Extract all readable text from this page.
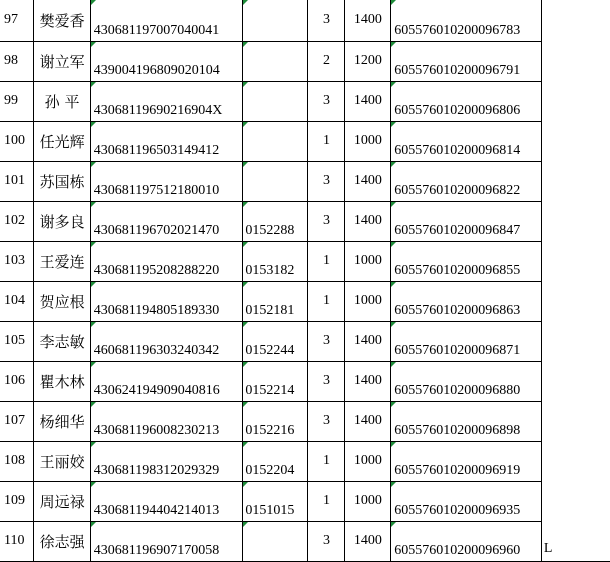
97	樊爱香	430681197007040041		3	1400	605576010200096783	
98	谢立军	439004196809020104		2	1200	605576010200096791	
99	孙 平	43068119690216904X		3	1400	605576010200096806	
100	任光辉	430681196503149412		1	1000	605576010200096814	
101	苏国栋	430681197512180010		3	1400	605576010200096822	
102	谢多良	430681196702021470	0152288	3	1400	605576010200096847	
103	王爱连	430681195208288220	0153182	1	1000	605576010200096855	
104	贺应根	430681194805189330	0152181	1	1000	605576010200096863	
105	李志敏	460681196303240342	0152244	3	1400	605576010200096871	
106	瞿木林	430624194909040816	0152214	3	1400	605576010200096880	
107	杨细华	430681196008230213	0152216	3	1400	605576010200096898	
108	王丽姣	430681198312029329	0152204	1	1000	605576010200096919	
109	周远禄	430681194404214013	0151015	1	1000	605576010200096935	
110	徐志强	430681196907170058		3	1400	605576010200096960	L
